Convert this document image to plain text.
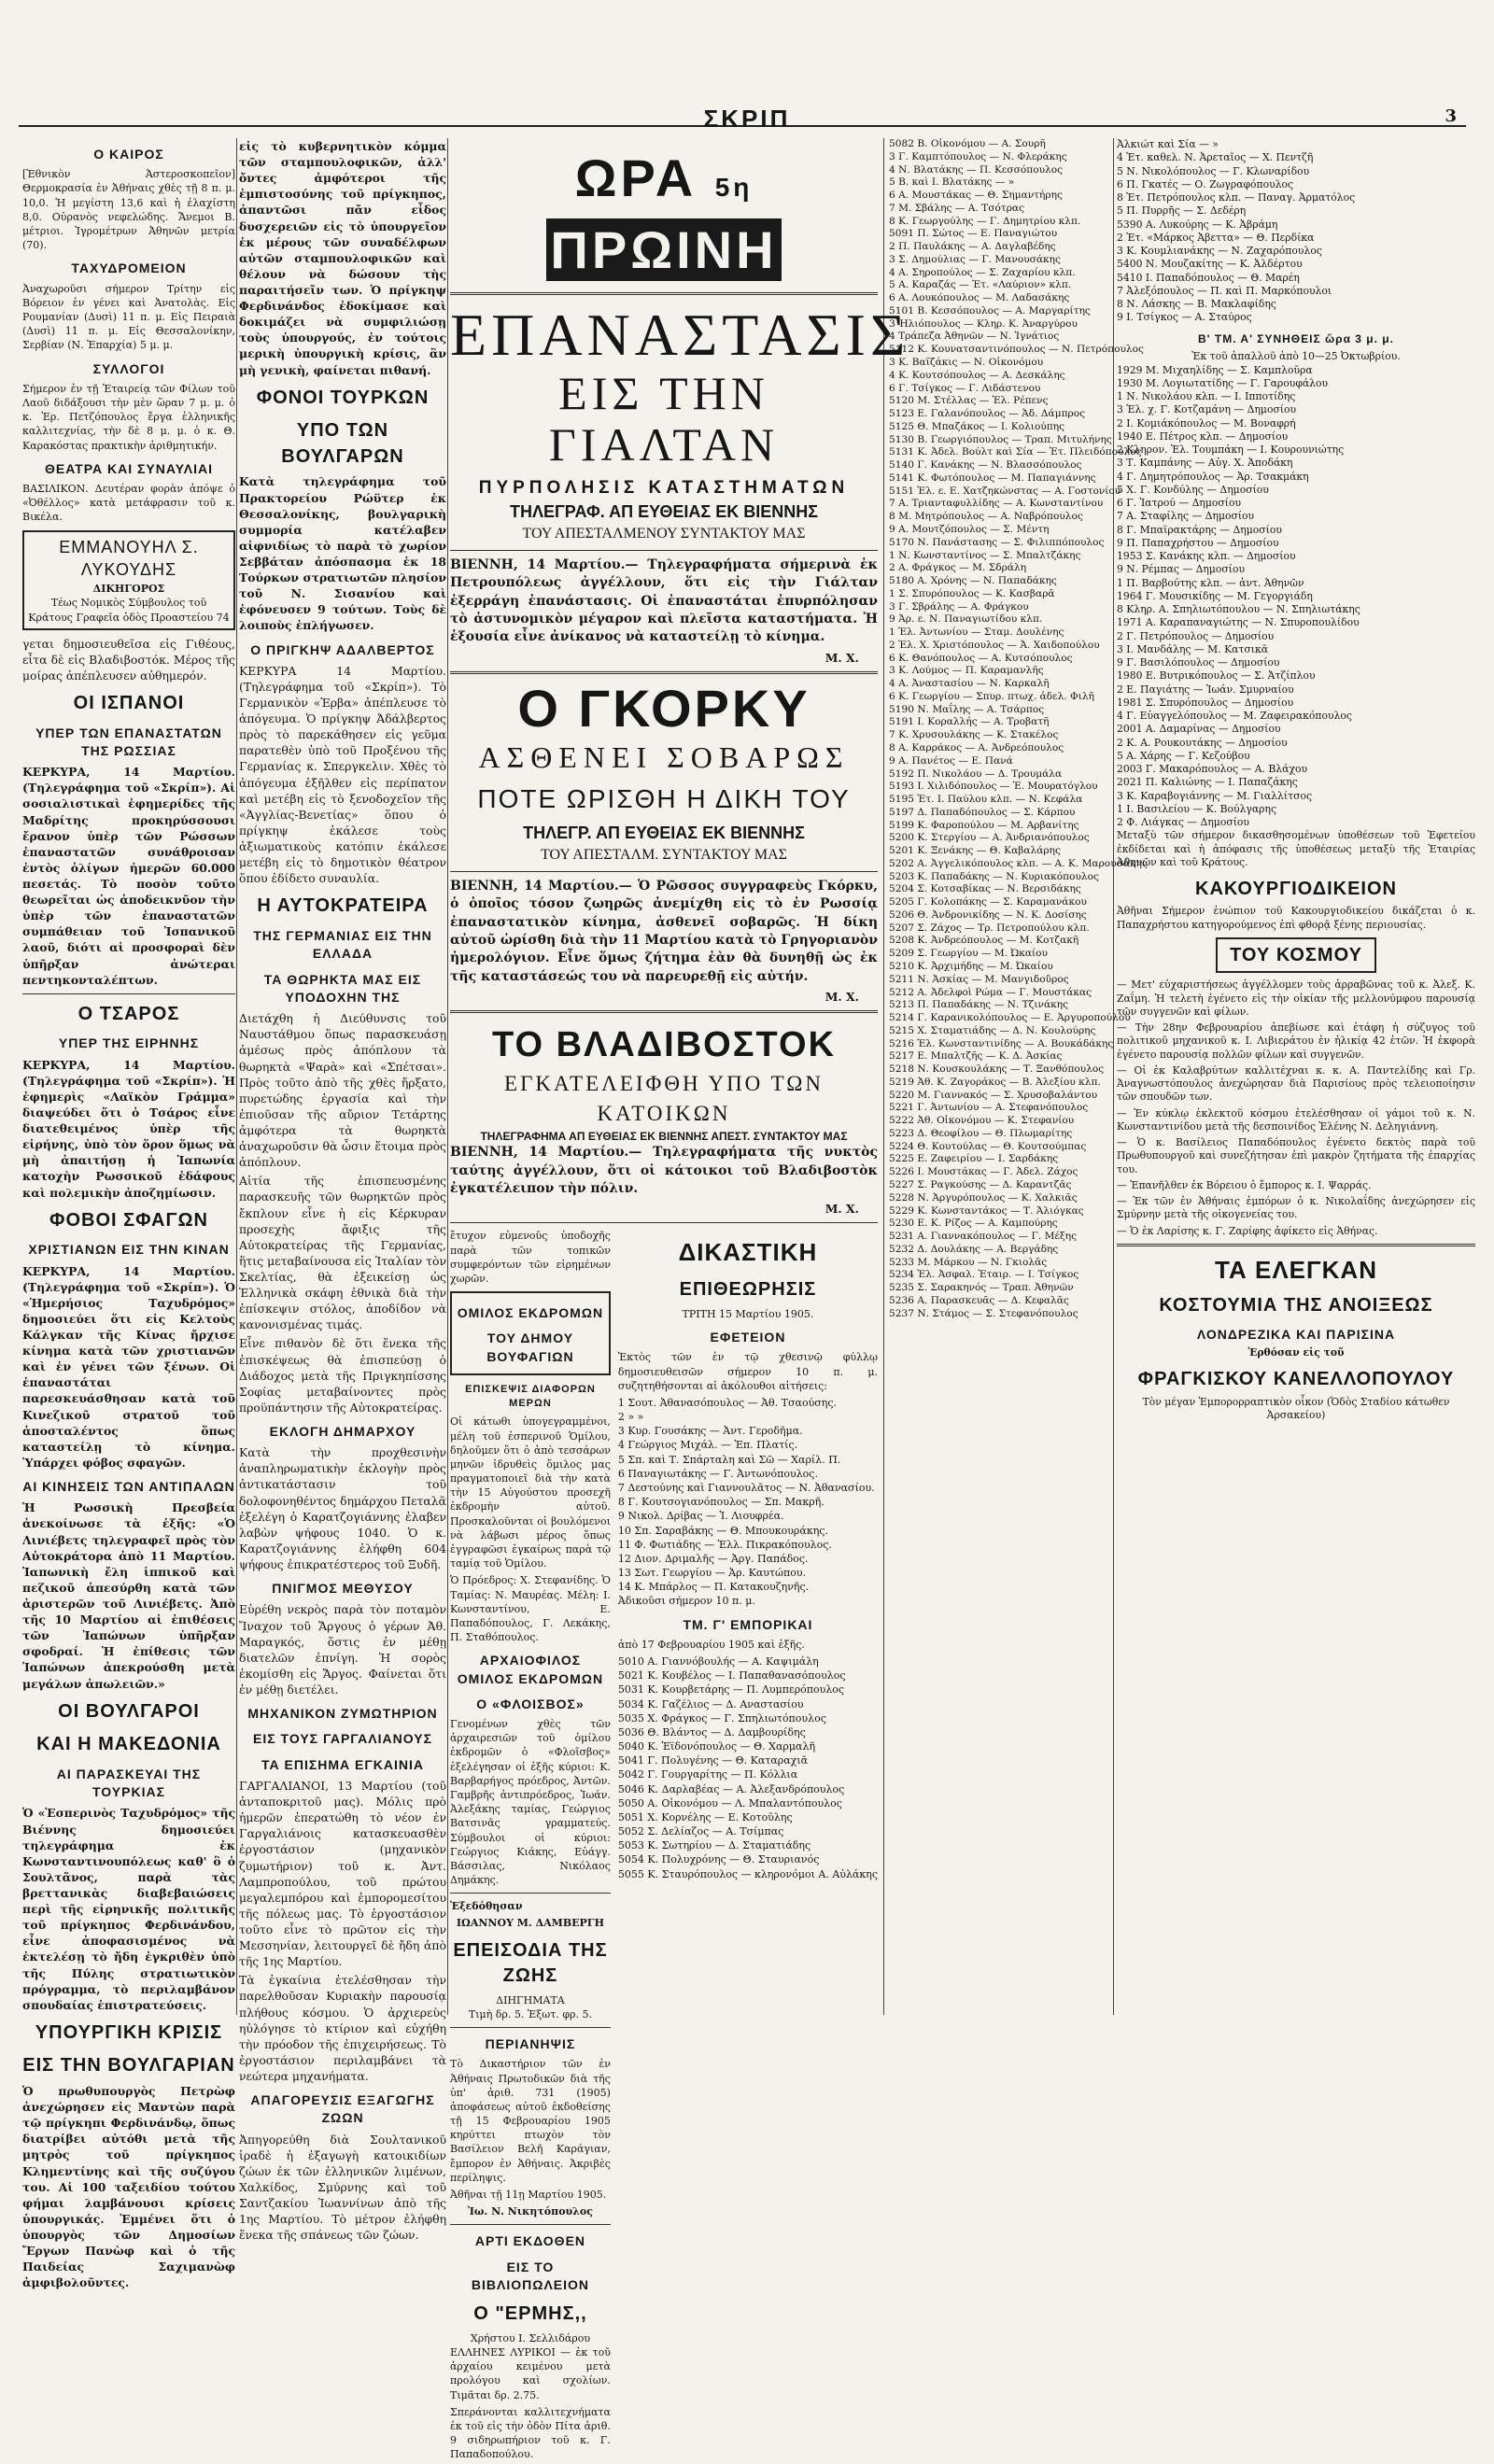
ΣΚΡΙΠ	3
Ο ΚΑΙΡΟΣ

[Ἐθνικὸν Ἀστεροσκοπεῖον] Θερμοκρασία ἐν Ἀθήναις χθὲς τῇ 8 π. μ. 10,0. Ἡ μεγίστη 13,6 καὶ ἡ ἐλαχίστη 8,0. Οὐρανὸς νεφελώδης. Ἄνεμοι Β. μέτριοι. Ἱγρομέτρων Ἀθηνῶν μετρία (70).

ΤΑΧΥΔΡΟΜΕΙΟΝ

Ἀναχωροῦσι σήμερον Τρίτην εἰς Βόρειον ἐν γένει καὶ Ἀνατολὰς. Εἰς Ρουμανίαν (Δυσὶ) 11 π. μ. Εἰς Πειραιὰ (Δυσὶ) 11 π. μ. Εἰς Θεσσαλονίκην, Σερβίαν (Ν. Ἐπαρχία) 5 μ. μ.

ΣΥΛΛΟΓΟΙ

Σήμερον ἐν τῇ Ἑταιρείᾳ τῶν Φίλων τοῦ Λαοῦ διδάξουσι τὴν μὲν ὥραν 7 μ. μ. ὁ κ. Ἐρ. Πετζόπουλος ἔργα ἑλληνικῆς καλλιτεχνίας, τὴν δὲ 8 μ. μ. ὁ κ. Θ. Καρακόστας πρακτικὴν ἀριθμητικήν.

ΘΕΑΤΡΑ ΚΑΙ ΣΥΝΑΥΛΙΑΙ

ΒΑΣΙΛΙΚΟΝ. Δευτέραν φορὰν ἀπόψε ὁ «Ὀθέλλος» κατὰ μετάφρασιν τοῦ κ. Βικέλα.

ΕΜΜΑΝΟΥΗΛ Σ. ΛΥΚΟΥΔΗΣ
ΔΙΚΗΓΟΡΟΣ
Τέως Νομικὸς Σύμβουλος τοῦ Κράτους Γραφεῖα ὁδὸς Προαστείου 74

γεται δημοσιευθεῖσα εἰς Γιθέους, εἶτα δὲ εἰς Βλαδιβοστόκ. Μέρος τῆς μοίρας ἀπέπλευσεν αὐθημερόν.

ΟΙ ΙΣΠΑΝΟΙ
ΥΠΕΡ ΤΩΝ ΕΠΑΝΑΣΤΑΤΩΝ ΤΗΣ ΡΩΣΣΙΑΣ

ΚΕΡΚΥΡΑ, 14 Μαρτίου. (Τηλεγράφημα τοῦ «Σκρίπ»). Αἱ σοσιαλιστικαὶ ἐφημερίδες τῆς Μαδρίτης προκηρύσσουσι ἔρανον ὑπὲρ τῶν Ρώσσων ἐπαναστατῶν συνάθροισαν ἐντὸς ὀλίγων ἡμερῶν 60.000 πεσετάς. Τὸ ποσὸν τοῦτο θεωρεῖται ὡς ἀποδεικνῦον τὴν ὑπὲρ τῶν ἐπαναστατῶν συμπάθειαν τοῦ Ἰσπανικοῦ λαοῦ, διότι αἱ προσφοραὶ δὲν ὑπῆρξαν ἀνώτεραι πεντηκονταλέπτων.

Ο ΤΣΑΡΟΣ
ΥΠΕΡ ΤΗΣ ΕΙΡΗΝΗΣ

ΚΕΡΚΥΡΑ, 14 Μαρτίου. (Τηλεγράφημα τοῦ «Σκρίπ»). Ἡ ἐφημερὶς «Λαϊκὸν Γράμμα» διαψεύδει ὅτι ὁ Τσάρος εἶνε διατεθειμένος ὑπὲρ τῆς εἰρήνης, ὑπὸ τὸν ὅρον ὅμως νὰ μὴ ἀπαιτήσῃ ἡ Ἰαπωνία κατοχὴν Ρωσσικοῦ ἐδάφους καὶ πολεμικὴν ἀποζημίωσιν.

ΦΟΒΟΙ ΣΦΑΓΩΝ
ΧΡΙΣΤΙΑΝΩΝ ΕΙΣ ΤΗΝ ΚΙΝΑΝ

ΚΕΡΚΥΡΑ, 14 Μαρτίου. (Τηλεγράφημα τοῦ «Σκρίπ»). Ὁ «Ἡμερήσιος Ταχυδρόμος» δημοσιεύει ὅτι εἰς Κελτοὺς Κάλγκαν τῆς Κίνας ἤρχισε κίνημα κατὰ τῶν χριστιανῶν καὶ ἐν γένει τῶν ξένων. Οἱ ἐπαναστάται παρεσκευάσθησαν κατὰ τοῦ Κινεζικοῦ στρατοῦ τοῦ ἀποσταλέντος ὅπως καταστείλῃ τὸ κίνημα. Ὑπάρχει φόβος σφαγῶν.

ΑΙ ΚΙΝΗΣΕΙΣ ΤΩΝ ΑΝΤΙΠΑΛΩΝ

Ἡ Ρωσσικὴ Πρεσβεία ἀνεκοίνωσε τὰ ἑξῆς: «Ὁ Λινιέβετς τηλεγραφεῖ πρὸς τὸν Αὐτοκράτορα ἀπὸ 11 Μαρτίου. Ἰαπωνικὴ ἔλη ἱππικοῦ καὶ πεζικοῦ ἀπεσύρθη κατὰ τῶν ἀριστερῶν τοῦ Λινιέβετς. Ἀπὸ τῆς 10 Μαρτίου αἱ ἐπιθέσεις τῶν Ἰαπώνων ὑπῆρξαν σφοδραί. Ἡ ἐπίθεσις τῶν Ἰαπώνων ἀπεκρούσθη μετὰ μεγάλων ἀπωλειῶν.»

ΟΙ ΒΟΥΛΓΑΡΟΙ
ΚΑΙ Η ΜΑΚΕΔΟΝΙΑ
ΑΙ ΠΑΡΑΣΚΕΥΑΙ ΤΗΣ ΤΟΥΡΚΙΑΣ

Ὁ «Ἑσπερινὸς Ταχυδρόμος» τῆς Βιέννης δημοσιεύει τηλεγράφημα ἐκ Κωνσταντινουπόλεως καθ' ὃ ὁ Σουλτᾶνος, παρὰ τὰς βρεττανικὰς διαβεβαιώσεις περὶ τῆς εἰρηνικῆς πολιτικῆς τοῦ πρίγκηπος Φερδινάνδου, εἶνε ἀποφασισμένος νὰ ἐκτελέσῃ τὸ ἤδη ἐγκριθὲν ὑπὸ τῆς Πύλης στρατιωτικὸν πρόγραμμα, τὸ περιλαμβάνον σπουδαίας ἐπιστρατεύσεις.

ΥΠΟΥΡΓΙΚΗ ΚΡΙΣΙΣ
ΕΙΣ ΤΗΝ ΒΟΥΛΓΑΡΙΑΝ

Ὁ πρωθυπουργὸς Πετρὼφ ἀνεχώρησεν εἰς Μαντὼν παρὰ τῷ πρίγκηπι Φερδινάνδῳ, ὅπως διατρίβει αὐτόθι μετὰ τῆς μητρὸς τοῦ πρίγκηπος Κλημεντίνης καὶ τῆς συζύγου του. Αἱ 100 ταξειδίου τούτου φήμαι λαμβάνουσι κρίσεις ὑπουργικάς. Ἐμμένει ὅτι ὁ ὑπουργὸς τῶν Δημοσίων Ἔργων Πανὼφ καὶ ὁ τῆς Παιδείας Σαχιμανὼφ ἀμφιβολοῦντες.

εἰς τὸ κυβερνητικὸν κόμμα τῶν σταμπουλοφικῶν, ἀλλ' ὄντες ἀμφότεροι τῆς ἐμπιστοσύνης τοῦ πρίγκηπος, ἀπαντῶσι πᾶν εἶδος δυσχερειῶν εἰς τὸ ὑπουργεῖον ἐκ μέρους τῶν συναδέλφων αὐτῶν σταμπουλοφικῶν καὶ θέλουν νὰ δώσουν τὴς παραιτήσεῖν των. Ὁ πρίγκηψ Φερδινάνδος ἐδοκίμασε καὶ δοκιμάζει νὰ συμφιλιώσῃ τοὺς ὑπουργούς, ἐν τούτοις μερικὴ ὑπουργικὴ κρίσις, ἂν μὴ γενικὴ, φαίνεται πιθανή.

ΦΟΝΟΙ ΤΟΥΡΚΩΝ
ΥΠΟ ΤΩΝ ΒΟΥΛΓΑΡΩΝ

Κατὰ τηλεγράφημα τοῦ Πρακτορείου Ρώϋτερ ἐκ Θεσσαλονίκης, βουλγαρικὴ συμμορία κατέλαβεν αἰφνιδίως τὸ παρὰ τὸ χωρίον Σεββάταν ἀπόσπασμα ἐκ 18 Τούρκων στρατιωτῶν πλησίον τοῦ Ν. Σισανίου καὶ ἐφόνευσεν 9 τούτων. Τοὺς δὲ λοιποὺς ἐπλήγωσεν.

Ο ΠΡΙΓΚΗΨ ΑΔΑΛΒΕΡΤΟΣ

ΚΕΡΚΥΡΑ 14 Μαρτίου. (Τηλεγράφημα τοῦ «Σκρίπ»). Τὸ Γερμανικὸν «Ἑρβα» ἀπέπλευσε τὸ ἀπόγευμα. Ὁ πρίγκηψ Ἀδάλβερτος πρὸς τὸ παρεκάθησεν εἰς γεῦμα παρατεθὲν ὑπὸ τοῦ Προξένου τῆς Γερμανίας κ. Σπεργκελιν. Χθὲς τὸ ἀπόγευμα ἐξῆλθεν εἰς περίπατον καὶ μετέβη εἰς τὸ ξενοδοχεῖον τῆς «Ἀγγλίας-Βενετίας» ὅπου ὁ πρίγκηψ ἐκάλεσε τοὺς ἀξιωματικοὺς κατόπιν ἐκάλεσε μετέβη εἰς τὸ δημοτικὸν θέατρον ὅπου ἐδίδετο συναυλία.

Η ΑΥΤΟΚΡΑΤΕΙΡΑ
ΤΗΣ ΓΕΡΜΑΝΙΑΣ ΕΙΣ ΤΗΝ ΕΛΛΑΔΑ
ΤΑ ΘΩΡΗΚΤΑ ΜΑΣ ΕΙΣ ΥΠΟΔΟΧΗΝ ΤΗΣ

Διετάχθη ἡ Διεύθυνσις τοῦ Ναυστάθμου ὅπως παρασκευάσῃ ἀμέσως πρὸς ἀπόπλουν τὰ θωρηκτὰ «Ψαρὰ» καὶ «Σπέτσαι». Πρὸς τοῦτο ἀπὸ τῆς χθὲς ἤρξατο, πυρετώδης ἐργασία καὶ τὴν ἐπιοῦσαν τῆς αὔριον Τετάρτης ἀμφότερα τὰ θωρηκτὰ ἀναχωροῦσιν θὰ ὦσιν ἕτοιμα πρὸς ἀπόπλουν.

Αἰτία τῆς ἐπισπευσμένης παρασκευῆς τῶν θωρηκτῶν πρὸς ἔκπλουν εἶνε ἡ εἰς Κέρκυραν προσεχὴς ἄφιξις τῆς Αὐτοκρατείρας τῆς Γερμανίας, ἥτις μεταβαίνουσα εἰς Ἰταλίαν τὸν Σκελτίας, θὰ ἐξεικείσῃ ὡς Ἑλληνικὰ σκάφη ἐθνικὰ διὰ τὴν ἐπίσκεψιν στόλος, ἀποδίδον νὰ κανονισμένας τιμάς.

Εἶνε πιθανὸν δὲ ὅτι ἕνεκα τῆς ἐπισκέψεως θὰ ἐπισπεύσῃ ὁ Διάδοχος μετὰ τῆς Πριγκηπίσσης Σοφίας μεταβαίνοντες πρὸς προϋπάντησιν τῆς Αὐτοκρατείρας.

ΕΚΛΟΓΗ ΔΗΜΑΡΧΟΥ

Κατὰ τὴν προχθεσινὴν ἀναπληρωματικὴν ἐκλογὴν πρὸς ἀντικατάστασιν τοῦ δολοφονηθέντος δημάρχου Πεταλᾶ ἐξελέγη ὁ Καρατζογιάννης ἐλαβεν λαβὼν ψήφους 1040. Ὁ κ. Καρατζογιάννης ἐλήφθη 604 ψήφους ἐπικρατέστερος τοῦ Ξυδῆ.

ΠΝΙΓΜΟΣ ΜΕΘΥΣΟΥ

Εὑρέθη νεκρὸς παρὰ τὸν ποταμὸν Ἴναχον τοῦ Ἄργους ὁ γέρων Ἀθ. Μαραγκός, ὅστις ἐν μέθῃ διατελῶν ἐπνίγη. Ἡ σορὸς ἐκομίσθη εἰς Ἄργος. Φαίνεται ὅτι ἐν μέθῃ διετέλει.

ΜΗΧΑΝΙΚΟΝ ΖΥΜΩΤΗΡΙΟΝ
ΕΙΣ ΤΟΥΣ ΓΑΡΓΑΛΙΑΝΟΥΣ
ΤΑ ΕΠΙΣΗΜΑ ΕΓΚΑΙΝΙΑ

ΓΑΡΓΑΛΙΑΝΟΙ, 13 Μαρτίου (τοῦ ἀνταποκριτοῦ μας). Μόλις πρὸ ἡμερῶν ἐπερατώθη τὸ νέον ἐν Γαργαλιάνοις κατασκευασθὲν ἐργοστάσιον (μηχανικὸν ζυμωτήριον) τοῦ κ. Ἀντ. Λαμπροπούλου, τοῦ πρώτου μεγαλεμπόρου καὶ ἐμπορομεσίτου τῆς πόλεως μας. Τὸ ἐργοστάσιον τοῦτο εἶνε τὸ πρῶτον εἰς τὴν Μεσσηνίαν, λειτουργεῖ δὲ ἤδη ἀπὸ τῆς 1ης Μαρτίου.

Τὰ ἐγκαίνια ἐτελέσθησαν τὴν παρελθοῦσαν Κυριακὴν παρουσίᾳ πλήθους κόσμου. Ὁ ἀρχιερεὺς ηὐλόγησε τὸ κτίριον καὶ εὐχήθη τὴν πρόοδον τῆς ἐπιχειρήσεως. Τὸ ἐργοστάσιον περιλαμβάνει τὰ νεώτερα μηχανήματα.

ΑΠΑΓΟΡΕΥΣΙΣ ΕΞΑΓΩΓΗΣ ΖΩΩΝ

Ἀπηγορεύθη διὰ Σουλτανικοῦ ἰραδὲ ἡ ἐξαγωγὴ κατοικιδίων ζώων ἐκ τῶν ἐλληνικῶν λιμένων, Χαλκίδος, Σμύρνης καὶ τοῦ Σαντζακίου Ἰωαννίνων ἀπὸ τῆς 1ης Μαρτίου. Τὸ μέτρον ἐλήφθη ἕνεκα τῆς σπάνεως τῶν ζώων.

ΩΡΑ 5η ΠΡΩΙΝΗ
ΕΠΑΝΑΣΤΑΣΙΣ
ΕΙΣ ΤΗΝ ΓΙΑΛΤΑΝ
ΠΥΡΠΟΛΗΣΙΣ ΚΑΤΑΣΤΗΜΑΤΩΝ
ΤΗΛΕΓΡΑΦ. ΑΠ ΕΥΘΕΙΑΣ ΕΚ ΒΙΕΝΝΗΣ
ΤΟΥ ΑΠΕΣΤΑΛΜΕΝΟΥ ΣΥΝΤΑΚΤΟΥ ΜΑΣ

ΒΙΕΝΝΗ, 14 Μαρτίου.— Τηλεγραφήματα σήμερινὰ ἐκ Πετρουπόλεως ἀγγέλλουν, ὅτι εἰς τὴν Γιάλταν ἐξερράγη ἐπανάστασις. Οἱ ἐπαναστάται ἐπυρπόλησαν τὸ ἀστυνομικὸν μέγαρον καὶ πλεῖστα καταστήματα. Ἡ ἐξουσία εἶνε ἀνίκανος νὰ καταστείλῃ τὸ κίνημα.

Μ. Χ.
Ο ΓΚΟΡΚΥ
ΑΣΘΕΝΕΙ ΣΟΒΑΡΩΣ
ΠΟΤΕ ΩΡΙΣΘΗ Η ΔΙΚΗ ΤΟΥ
ΤΗΛΕΓΡ. ΑΠ ΕΥΘΕΙΑΣ ΕΚ ΒΙΕΝΝΗΣ
ΤΟΥ ΑΠΕΣΤΑΛΜ. ΣΥΝΤΑΚΤΟΥ ΜΑΣ

ΒΙΕΝΝΗ, 14 Μαρτίου.— Ὁ Ρῶσσος συγγραφεὺς Γκόρκυ, ὁ ὁποῖος τόσον ζωηρῶς ἀνεμίχθη εἰς τὸ ἐν Ρωσσίᾳ ἐπαναστατικὸν κίνημα, ἀσθενεῖ σοβαρῶς. Ἡ δίκη αὐτοῦ ὡρίσθη διὰ τὴν 11 Μαρτίου κατὰ τὸ Γρηγοριανὸν ἡμερολόγιον. Εἶνε ὅμως ζήτημα ἐὰν θὰ δυνηθῇ ὡς ἐκ τῆς καταστάσεώς του νὰ παρευρεθῇ εἰς αὐτήν.

Μ. Χ.
ΤΟ ΒΛΑΔΙΒΟΣΤΟΚ
ΕΓΚΑΤΕΛΕΙΦΘΗ ΥΠΟ ΤΩΝ ΚΑΤΟΙΚΩΝ
ΤΗΛΕΓΡΑΦΗΜΑ ΑΠ ΕΥΘΕΙΑΣ ΕΚ ΒΙΕΝΝΗΣ ΑΠΕΣΤ. ΣΥΝΤΑΚΤΟΥ ΜΑΣ

ΒΙΕΝΝΗ, 14 Μαρτίου.— Τηλεγραφήματα τῆς νυκτὸς ταύτης ἀγγέλλουν, ὅτι οἱ κάτοικοι τοῦ Βλαδιβοστὸκ ἐγκατέλειπον τὴν πόλιν.

Μ. Χ.

ἔτυχον εὐμενοῦς ὑποδοχῆς παρὰ τῶν τοπικῶν συμφερόντων τῶν εἰρημένων χωρῶν.

ΟΜΙΛΟΣ ΕΚΔΡΟΜΩΝ
ΤΟΥ ΔΗΜΟΥ ΒΟΥΦΑΓΙΩΝ
ΕΠΙΣΚΕΨΙΣ ΔΙΑΦΟΡΩΝ ΜΕΡΩΝ

Οἱ κάτωθι ὑπογεγραμμένοι, μέλη τοῦ ἐσπερινοῦ Ὁμίλου, δηλοῦμεν ὅτι ὁ ἀπὸ τεσσάρων μηνῶν ἱδρυθεὶς ὅμιλος μας πραγματοποιεῖ διὰ τὴν κατὰ τὴν 15 Αὐγούστου προσεχῆ ἐκδρομὴν αὐτοῦ. Προσκαλοῦνται οἱ βουλόμενοι νὰ λάβωσι μέρος ὅπως ἐγγραφῶσι ἐγκαίρως παρὰ τῷ ταμίᾳ τοῦ Ὁμίλου.

Ὁ Πρόεδρος: Χ. Στεφανίδης. Ὁ Ταμίας: Ν. Μαυρέας. Μέλη: Ι. Κωνσταντίνου, Ε. Παπαδόπουλος, Γ. Λεκάκης, Π. Σταθόπουλος.

ΑΡΧΑΙΟΦΙΛΟΣ ΟΜΙΛΟΣ ΕΚΔΡΟΜΩΝ
Ο «ΦΛΟΙΣΒΟΣ»

Γενομένων χθὲς τῶν ἀρχαιρεσιῶν τοῦ ὁμίλου ἐκδρομῶν ὁ «Φλοῖσβος» ἐξελέγησαν οἱ ἑξῆς κύριοι: Κ. Βαρβαρήγος πρόεδρος, Ἀντῶν. Γαμβρῆς ἀντιπρόεδρος, Ἰωάν. Ἀλεξάκης ταμίας, Γεώργιος Βατσινᾶς γραμματεύς. Σύμβουλοι οἱ κύριοι: Γεώργιος Κιάκης, Εὐάγγ. Βάσσιλας, Νικόλαος Δημάκης.

Ἐξεδόθησαν

ΙΩΑΝΝΟΥ Μ. ΔΑΜΒΕΡΓΗ
ΕΠΕΙΣΟΔΙΑ ΤΗΣ ΖΩΗΣ
ΔΙΗΓΗΜΑΤΑ
Τιμὴ δρ. 5. Ἐξωτ. φρ. 5.
ΠΕΡΙΑΝΗΨΙΣ

Τὸ Δικαστήριον τῶν ἐν Ἀθήναις Πρωτοδικῶν διὰ τῆς ὑπ' ἀριθ. 731 (1905) ἀποφάσεως αὐτοῦ ἐκδοθείσης τῇ 15 Φεβρουαρίου 1905 κηρύττει πτωχὸν τὸν Βασίλειον Βελῆ Καράγιαν, ἔμπορον ἐν Ἀθήναις. Ἀκριβὲς περίληψις.

Ἀθῆναι τῇ 11ῃ Μαρτίου 1905.

Ἰω. Ν. Νικητόπουλος
ΑΡΤΙ ΕΚΔΟΘΕΝ
ΕΙΣ ΤΟ ΒΙΒΛΙΟΠΩΛΕΙΟΝ
Ο "ΕΡΜΗΣ,,
Χρήστου Ι. Σελλιδάρου

ΕΛΛΗΝΕΣ ΛΥΡΙΚΟΙ — ἐκ τοῦ ἀρχαίου κειμένου μετὰ προλόγου καὶ σχολίων. Τιμᾶται δρ. 2.75.

Σπεράνονται καλλιτεχνήματα ἐκ τοῦ εἰς τὴν ὁδὸν Πίτα ἀριθ. 9 σιδηρωπήριον τοῦ κ. Γ. Παπαδοπούλου.

ΔΙΚΑΣΤΙΚΗ
ΕΠΙΘΕΩΡΗΣΙΣ
ΤΡΙΤΗ 15 Μαρτίου 1905.
ΕΦΕΤΕΙΟΝ

Ἐκτὸς τῶν ἐν τῷ χθεσινῷ φύλλῳ δημοσιευθεισῶν σήμερον 10 π. μ. συζητηθήσονται αἱ ἀκόλουθοι αἰτήσεις:

1 Σουτ. Ἀθανασόπουλος — Ἀθ. Τσαούσης.
2 » »
3 Κυρ. Γουσάκης — Ἀντ. Γεροδῆμα.
4 Γεώργιος Μιχάλ. — Ἐπ. Πλατίς.
5 Σπ. καὶ Τ. Σπάρταλη καὶ Σῶ — Χαρίλ. Π.
6 Παναγιωτάκης — Γ. Ἀντωνόπουλος.
7 Δεστούνης καὶ Γιαννουλᾶτος — Ν. Ἀθανασίου.
8 Γ. Κουτσογιανόπουλος — Σπ. Μακρῆ.
9 Νικολ. Δρίβας — Ἰ. Λιουφρέα.
10 Σπ. Σαραβάκης — Θ. Μπουκουράκης.
11 Φ. Φωτιάδης — Ἐλλ. Πικρακόπουλος.
12 Διον. Δριμαλῆς — Ἀργ. Παπάδος.
13 Σωτ. Γεωργίου — Ἀρ. Καυτώπου.
14 Κ. Μπάρλος — Π. Κατακουζηνῆς.

Ἀδικοῦσι σήμερον 10 π. μ.

ΤΜ. Γ' ΕΜΠΟΡΙΚΑΙ

ἀπὸ 17 Φεβρουαρίου 1905 καὶ ἑξῆς.

5010 Α. Γιαννόβουλής — Α. Καψιμάλη
5021 Κ. Κουβέλος — Ι. Παπαθανασόπουλος
5031 Κ. Κουρβετάρης — Π. Λυμπερόπουλος
5034 Κ. Γαζέλιος — Δ. Αναστασίου
5035 Χ. Φράγκος — Γ. Σπηλιωτόπουλος
5036 Θ. Βλάντος — Δ. Δαμβουρίδης
5040 Κ. Ἐϊδονόπουλος — Θ. Χαρμαλῆ
5041 Γ. Πολυγένης — Θ. Καταραχιᾶ
5042 Γ. Γουργαρίτης — Π. Κόλλια
5046 Κ. Δαρλαβέας — Α. Ἀλεξανδρόπουλος
5050 Α. Οἰκονόμου — Λ. Μπαλαντόπουλος
5051 Χ. Κορνέλης — Ε. Κοτοῦλης
5052 Σ. Δελίαζος — Α. Τσίμπας
5053 Κ. Σωτηρίου — Δ. Σταματιάδης
5054 Κ. Πολυχρόνης — Θ. Σταυριανός
5055 Κ. Σταυρόπουλος — κληρονόμοι Α. Αὐλάκης
5082 Β. Οἰκονόμου — Α. Σουρῆ
3 Γ. Καμπτόπουλος — Ν. Φλεράκης
4 Ν. Βλατάκης — Π. Κεσσόπουλος
5 Β. καὶ Ι. Βλατάκης — »
6 Α. Μουστάκας — Θ. Σημαντήρης
7 Μ. Σβάλης — Α. Τσότρας
8 Κ. Γεωργούλης — Γ. Δημητρίου κλπ.
5091 Π. Σώτος — Ε. Παναγιώτου
2 Π. Παυλάκης — Α. Δαγλαβέδης
3 Σ. Δημούλιας — Γ. Μανουσάκης
4 Α. Σηροπούλος — Σ. Ζαχαρίου κλπ.
5 Α. Καραζάς — Ἐτ. «Λαύριον» κλπ.
6 Α. Λουκόπουλος — Μ. Λαδασάκης
5101 Β. Κεσσόπουλος — Α. Μαργαρίτης
3 Ἠλιόπουλος — Κληρ. Κ. Ἀναργύρου
4 Τράπεζα Ἀθηνῶν — Ν. Ἰγνάτιος
5112 Κ. Κουνατσαντινόπουλος — Ν. Πετρόπουλος
3 Κ. Βαϊζάκις — Ν. Οἰκονόμου
4 Κ. Κουτσόπουλος — Α. Δεσκάλης
6 Γ. Τσίγκος — Γ. Λιδάστενου
5120 Μ. Στέλλας — Ἐλ. Ρέπενς
5123 Ε. Γαλανόπουλος — Ἀδ. Δάμπρος
5125 Θ. Μπαζάκος — Ι. Κολιούπης
5130 Β. Γεωργιόπουλος — Τραπ. Μιτυλήνης
5131 Κ. Ἀδελ. Βούλτ καὶ Σία — Ἑτ. Πλειδόπουλος
5140 Γ. Κανάκης — Ν. Βλασσόπουλος
5141 Κ. Φωτόπουλος — Μ. Παπαγιάννης
5151 Ἑλ. ε. Ε. Χατζηκώνστας — Α. Γοστονίου
7 Α. Τριανταφυλλίδης — Α. Κωνσταντίνου
8 Μ. Μητρόπουλος — Α. Ναβρόπουλος
9 Α. Μουτζόπουλος — Σ. Μέντη
5170 Ν. Πανάστασης — Σ. Φιλιππόπουλος
1 Ν. Κωνσταντίνος — Σ. Μπαλτζάκης
2 Α. Φράγκος — Μ. Σδράλη
5180 Α. Χρόνης — Ν. Παπαδάκης
1 Σ. Σπυρόπουλος — Κ. Κασβαρᾶ
3 Γ. Σβράλης — Α. Φράγκου
9 Ἀρ. ε. Ν. Παναγιωτίδου κλπ.
1 Ἐλ. Ἀντωνίου — Σταμ. Δουλένης
2 Ἐλ. Χ. Χριστόπουλος — Ἀ. Χαιδοπούλου
6 Κ. Θανόπουλος — Α. Κυτσόπουλος
3 Κ. Λούμος — Π. Καραμανλῆς
4 Α. Ἀναστασίου — Ν. Καρκαλῆ
6 Κ. Γεωργίου — Σπυρ. πτωχ. ἀδελ. Φιλῆ
5190 Ν. Μαΐλης — Α. Τσάρπος
5191 Ι. Κοραλλής — Α. Τροβατῆ
7 Κ. Χρυσουλάκης — Κ. Στακέλος
8 Α. Καρράκος — Α. Ἀνδρεόπουλος
9 Α. Πανέτος — Ε. Πανά
5192 Π. Νικολάου — Δ. Τρουμάλα
5193 Ι. Χιλιδόπουλος — Ἐ. Μουρατόγλου
5195 Ἑτ. Ι. Παύλου κλπ. — Ν. Κεφάλα
5197 Δ. Παπαδόπουλος — Σ. Κάρπου
5199 Κ. Φαροπούλου — Μ. Αρβανίτης
5200 Κ. Στεργίου — Α. Ἀνδριανόπουλος
5201 Κ. Ξενάκης — Θ. Καβαλάρης
5202 Α. Ἀγγελικόπουλος κλπ. — Α. Κ. Μαρουσάκης
5203 Κ. Παπαδάκης — Ν. Κυριακόπουλος
5204 Σ. Κοτσαβίκας — Ν. Βερσιδάκης
5205 Γ. Κολοπάκης — Σ. Καραμανάκου
5206 Θ. Ἀνδρονικίδης — Ν. Κ. Δοσίσης
5207 Σ. Ζάχος — Τρ. Πετροπούλου κλπ.
5208 Κ. Ἀνδρεόπουλος — Μ. Κοτζακῆ
5209 Σ. Γεωργίου — Μ. Ὠκαίου
5210 Κ. Ἀρχιμήδης — Μ. Ὠκαίου
5211 Ν. Ἀσκίας — Μ. Μανγιδοῦρος
5212 Α. Ἀδελφοὶ Ρώμα — Γ. Μουστάκας
5213 Π. Παπαδάκης — Ν. Τζινάκης
5214 Γ. Καρανικολόπουλος — Ε. Ἀργυροπούλου
5215 Χ. Σταματιάδης — Δ. Ν. Κουλούρης
5216 Ἐλ. Κωνσταντινίδης — Α. Βουκάδάκης
5217 Ε. Μπαλτζῆς — Κ. Δ. Ἀσκίας
5218 Ν. Κουσκουλάκης — Τ. Ξανθόπουλος
5219 Ἀθ. Κ. Ζαγοράκος — Β. Ἀλεξίου κλπ.
5220 Μ. Γιαννακός — Σ. Χρυσοβαλάντου
5221 Γ. Ἀντωνίου — Α. Στεφανόπουλος
5222 Ἀθ. Οἰκονόμου — Κ. Στεφανίου
5223 Δ. Θεοφίλου — Θ. Πλωμαρίτης
5224 Θ. Κουτούλας — Θ. Κουτσούμπας
5225 Ε. Ζαφειρίου — Ι. Σαρδάκης
5226 Ι. Μουστάκας — Γ. Ἀδελ. Ζάχος
5227 Σ. Ραγκούσης — Δ. Καραντζᾶς
5228 Ν. Ἀργυρόπουλος — Κ. Χαλκιᾶς
5229 Κ. Κωνσταντάκος — Τ. Ἀλιόγκας
5230 Ε. Κ. Ρίζος — Α. Καμπούρης
5231 Α. Γιαννακόπουλος — Γ. Μέξης
5232 Δ. Δουλάκης — Α. Βεργάδης
5233 Μ. Μάρκου — Ν. Γκιολᾶς
5234 Ἑλ. Ἀσφαλ. Ἐταιρ. — Ι. Τσίγκος
5235 Σ. Σαρακηνός — Τραπ. Ἀθηνῶν
5236 Α. Παρασκευᾶς — Δ. Κεφαλᾶς
5237 Ν. Στάμος — Σ. Στεφανόπουλος
Ἀλκιώτ καὶ Σία — »
4 Ἐτ. καθελ. Ν. Ἀρεταῖος — Χ. Πεντζῆ
5 Ν. Νικολόπουλος — Γ. Κλωναρίδου
6 Π. Γκατές — Ο. Ζωγραφόπουλος
8 Ἐτ. Πετρόπουλος κλπ. — Παναγ. Ἀρματόλος
5 Π. Πυρρῆς — Σ. Δεδέρη
5390 Α. Λυκούρης — Κ. Ἀβράμη
2 Ἐτ. «Μάρκος Ἀβεττα» — Θ. Περδίκα
3 Κ. Κουμλιανάκης — Ν. Ζαχαρόπουλος
5400 Ν. Μουζακίτης — Κ. Ἀλδέρτου
5410 Ι. Παπαδόπουλος — Θ. Μαρέη
7 Ἀλεξόπουλος — Π. καὶ Π. Μαρκόπουλοι
8 Ν. Λάσκης — Β. Μακλαφίδης
9 Ι. Τσίγκος — Α. Σταύρος
Β' ΤΜ. Α' ΣΥΝΗΘΕΙΣ ὥρα 3 μ. μ.
Ἐκ τοῦ ἀπαλλοῦ ἀπὸ 10—25 Ὀκτωβρίου.
1929 Μ. Μιχαηλίδης — Σ. Καμπλοῦρα
1930 Μ. Λογιωτατίδης — Γ. Γαρουφάλου
1 Ν. Νικολάου κλπ. — Ι. Ιπποτίδης
3 Ἐλ. χ. Γ. Κοτζαμάνη — Δημοσίου
2 Ι. Κομιάκόπουλος — Μ. Βοναφρή
1940 Ε. Πέτρος κλπ. — Δημοσίου
2 Κληρον. Ἐλ. Τουμπάκη — Ι. Κουρουνιώτης
3 Τ. Καμπάνης — Αὐγ. Χ. Ἀποδάκη
4 Γ. Δημητρόπουλος — Ἀρ. Τσακμάκη
5 Χ. Γ. Κονδύλης — Δημοσίου
6 Γ. Ἰατρού — Δημοσίου
7 Α. Σταφίλης — Δημοσίου
8 Γ. Μπαϊρακτάρης — Δημοσίου
9 Π. Παπαχρήστου — Δημοσίου
1953 Σ. Κανάκης κλπ. — Δημοσίου
9 Ν. Ρέμπας — Δημοσίου
1 Π. Βαρβούτης κλπ. — ἀντ. Ἀθηνῶν
1964 Γ. Μουσικίδης — Μ. Γεγοργιάδη
8 Κληρ. Α. Σπηλιωτόπουλου — Ν. Σπηλιωτάκης
1971 Α. Καραπαναγιώτης — Ν. Σπυροπουλίδου
2 Γ. Πετρόπουλος — Δημοσίου
3 Ι. Μανδάλης — Μ. Κατσικᾶ
9 Γ. Βασιλόπουλος — Δημοσίου
1980 Ε. Βυτρικόπουλος — Σ. Ἀτζίπλου
2 Ε. Παγιάτης — Ἰωάν. Σμυρναίου
1981 Σ. Σπυρόπουλος — Δημοσίου
4 Γ. Εὐαγγελόπουλος — Μ. Ζαφειρακόπουλος
2001 Α. Δαμαρίνας — Δημοσίου
2 Κ. Α. Ρουκουτάκης — Δημοσίου
5 Α. Χάρης — Γ. Κεζούβου
2003 Γ. Μακαρόπουλος — Α. Βλάχου
2021 Π. Καλιώνης — Ι. Παπαζάκης
3 Κ. Καραβογιάννης — Μ. Γιαλλίτσος
1 Ι. Βασιλείου — Κ. Βούλγαρης
2 Φ. Λιάγκας — Δημοσίου

Μεταξὺ τῶν σήμερον δικασθησομένων ὑποθέσεων τοῦ Ἐφετείου ἐκδίδεται καὶ ἡ ἀπόφασις τῆς ὑποθέσεως μεταξὺ τῆς Ἑταιρίας Ἀθηνῶν καὶ τοῦ Κράτους.

ΚΑΚΟΥΡΓΙΟΔΙΚΕΙΟΝ

Ἀθῆναι Σήμερον ἐνώπιον τοῦ Κακουργιοδικείου δικάζεται ὁ κ. Παπαχρήστου κατηγορούμενος ἐπὶ φθορᾷ ξένης περιουσίας.

ΤΟΥ ΚΟΣΜΟΥ

— Μετ' εὐχαριστήσεως ἀγγέλλομεν τοὺς ἀρραβῶνας τοῦ κ. Ἀλεξ. Κ. Ζαΐμη. Ἡ τελετὴ ἐγένετο εἰς τὴν οἰκίαν τῆς μελλονύμφου παρουσίᾳ τῶν συγγενῶν καὶ φίλων.

— Τὴν 28ην Φεβρουαρίου ἀπεβίωσε καὶ ἐτάφη ἡ σύζυγος τοῦ πολιτικοῦ μηχανικοῦ κ. Ι. Λιβιεράτου ἐν ἡλικίᾳ 42 ἐτῶν. Ἡ ἐκφορὰ ἐγένετο παρουσίᾳ πολλῶν φίλων καὶ συγγενῶν.

— Οἱ ἐκ Καλαβρύτων καλλιτέχναι κ. κ. Α. Παντελίδης καὶ Γρ. Ἀναγνωστόπουλος ἀνεχώρησαν διὰ Παρισίους πρὸς τελειοποίησιν τῶν σπουδῶν των.

— Ἐν κύκλῳ ἐκλεκτοῦ κόσμου ἐτελέσθησαν οἱ γάμοι τοῦ κ. Ν. Κωνσταντινίδου μετὰ τῆς δεσποινίδος Ἑλένης Ν. Δεληγιάννη.

— Ὁ κ. Βασίλειος Παπαδόπουλος ἐγένετο δεκτὸς παρὰ τοῦ Πρωθυπουργοῦ καὶ συνεζήτησαν ἐπὶ μακρὸν ζητήματα τῆς ἐπαρχίας του.

— Ἐπανῆλθεν ἐκ Βόρειου ὁ ἔμπορος κ. Ι. Ψαρράς.

— Ἐκ τῶν ἐν Ἀθήναις ἐμπόρων ὁ κ. Νικολαΐδης ἀνεχώρησεν εἰς Σμύρνην μετὰ τῆς οἰκογενείας του.

— Ὁ ἐκ Λαρίσης κ. Γ. Ζαρίφης ἀφίκετο εἰς Ἀθήνας.

ΤΑ ΕΛΕΓΚΑΝ
ΚΟΣΤΟΥΜΙΑ ΤΗΣ ΑΝΟΙΞΕΩΣ
ΛΟΝΔΡΕΖΙΚΑ ΚΑΙ ΠΑΡΙΣΙΝΑ
Ἐρθόσαν εἰς τοῦ
ΦΡΑΓΚΙΣΚΟΥ ΚΑΝΕΛΛΟΠΟΥΛΟΥ
Τὸν μέγαν Ἐμπορορραπτικὸν οἶκον (Ὁδὸς Σταδίου κάτωθεν Ἀρσακείου)
